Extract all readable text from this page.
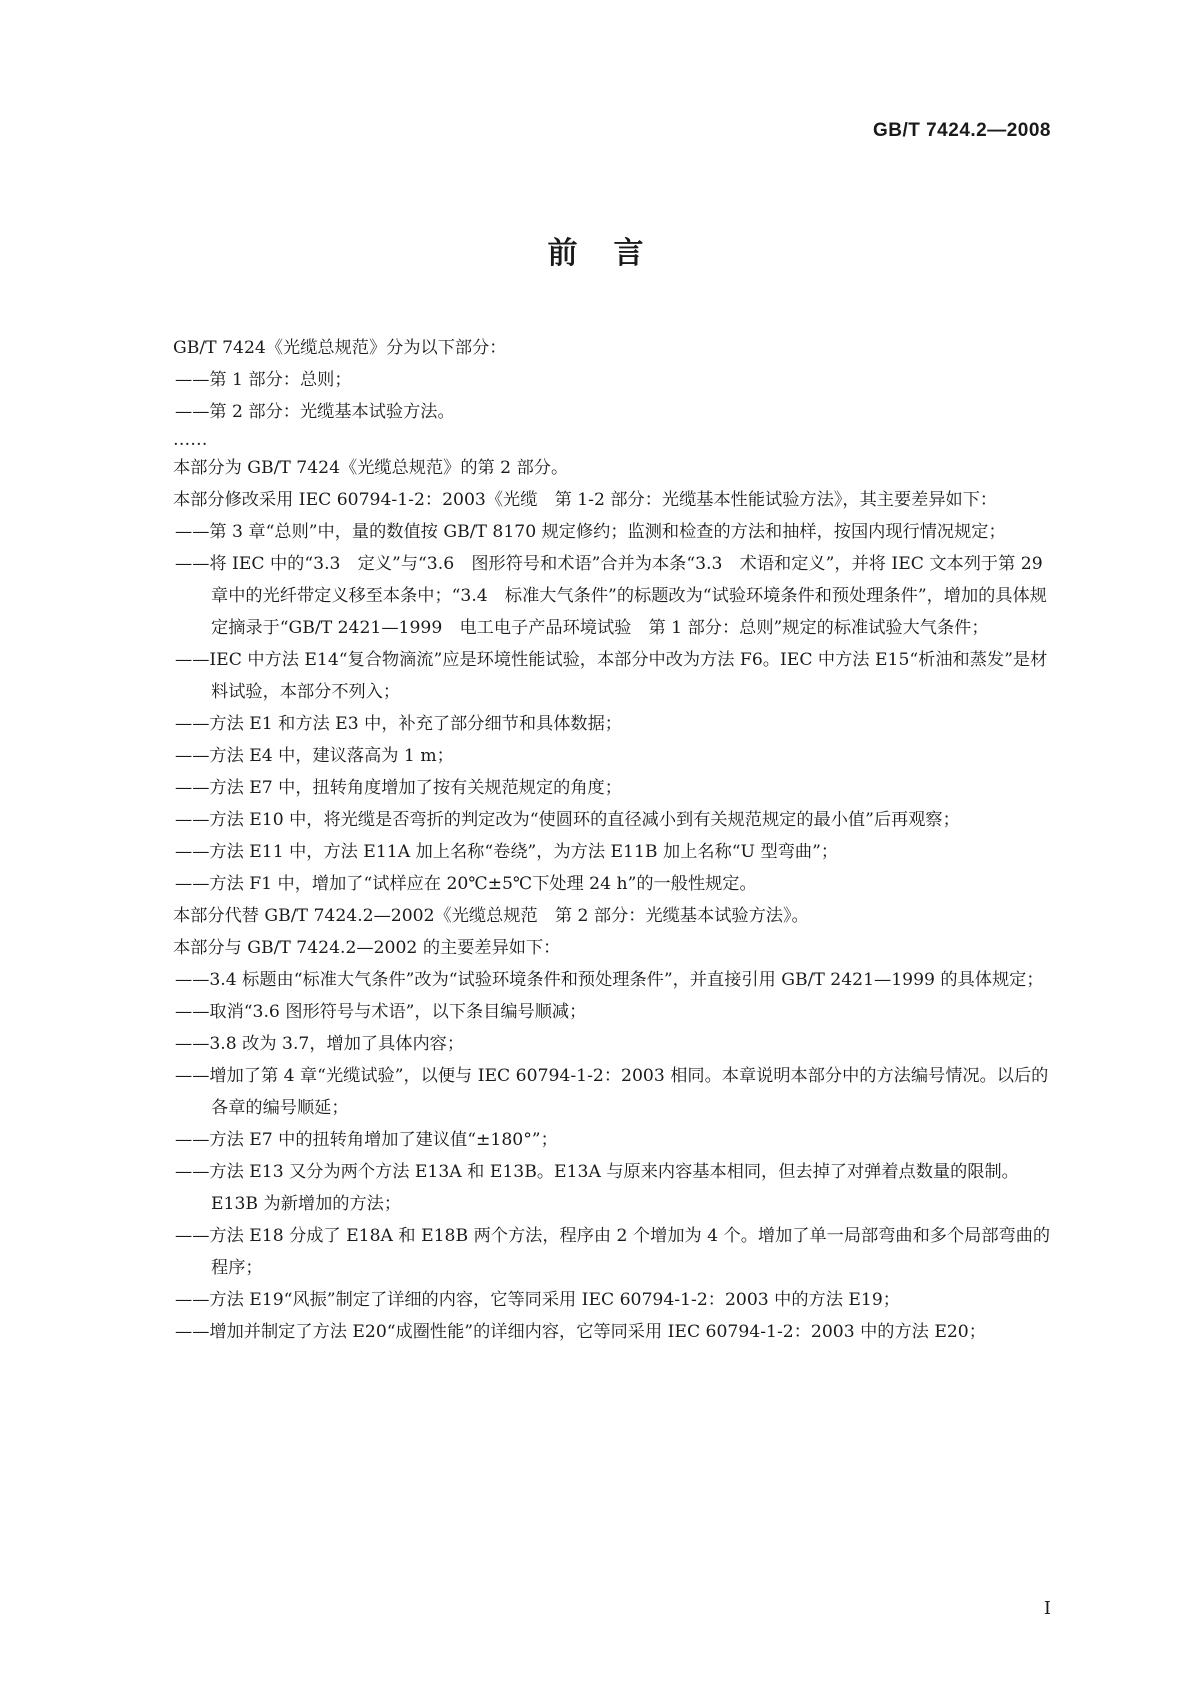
GB/T 7424.2—2008
前言

GB/T 7424《光缆总规范》分为以下部分：

——第 1 部分：总则；

——第 2 部分：光缆基本试验方法。

……

本部分为 GB/T 7424《光缆总规范》的第 2 部分。

本部分修改采用 IEC 60794-1-2：2003《光缆　第 1-2 部分：光缆基本性能试验方法》，其主要差异如下：

——第 3 章“总则”中，量的数值按 GB/T 8170 规定修约；监测和检查的方法和抽样，按国内现行情况规定；

——将 IEC 中的“3.3　定义”与“3.6　图形符号和术语”合并为本条“3.3　术语和定义”，并将 IEC 文本列于第 29 章中的光纤带定义移至本条中；“3.4　标准大气条件”的标题改为“试验环境条件和预处理条件”，增加的具体规定摘录于“GB/T 2421—1999　电工电子产品环境试验　第 1 部分：总则”规定的标准试验大气条件；

——IEC 中方法 E14“复合物滴流”应是环境性能试验，本部分中改为方法 F6。IEC 中方法 E15“析油和蒸发”是材料试验，本部分不列入；

——方法 E1 和方法 E3 中，补充了部分细节和具体数据；

——方法 E4 中，建议落高为 1 m；

——方法 E7 中，扭转角度增加了按有关规范规定的角度；

——方法 E10 中，将光缆是否弯折的判定改为“使圆环的直径减小到有关规范规定的最小值”后再观察；

——方法 E11 中，方法 E11A 加上名称“卷绕”，为方法 E11B 加上名称“U 型弯曲”；

——方法 F1 中，增加了“试样应在 20℃±5℃下处理 24 h”的一般性规定。

本部分代替 GB/T 7424.2—2002《光缆总规范　第 2 部分：光缆基本试验方法》。

本部分与 GB/T 7424.2—2002 的主要差异如下：

——3.4 标题由“标准大气条件”改为“试验环境条件和预处理条件”，并直接引用 GB/T 2421—1999 的具体规定；

——取消“3.6 图形符号与术语”，以下条目编号顺减；

——3.8 改为 3.7，增加了具体内容；

——增加了第 4 章“光缆试验”，以便与 IEC 60794-1-2：2003 相同。本章说明本部分中的方法编号情况。以后的各章的编号顺延；

——方法 E7 中的扭转角增加了建议值“±180°”；

——方法 E13 又分为两个方法 E13A 和 E13B。E13A 与原来内容基本相同，但去掉了对弹着点数量的限制。E13B 为新增加的方法；

——方法 E18 分成了 E18A 和 E18B 两个方法，程序由 2 个增加为 4 个。增加了单一局部弯曲和多个局部弯曲的程序；

——方法 E19“风振”制定了详细的内容，它等同采用 IEC 60794-1-2：2003 中的方法 E19；

——增加并制定了方法 E20“成圈性能”的详细内容，它等同采用 IEC 60794-1-2：2003 中的方法 E20；

I
